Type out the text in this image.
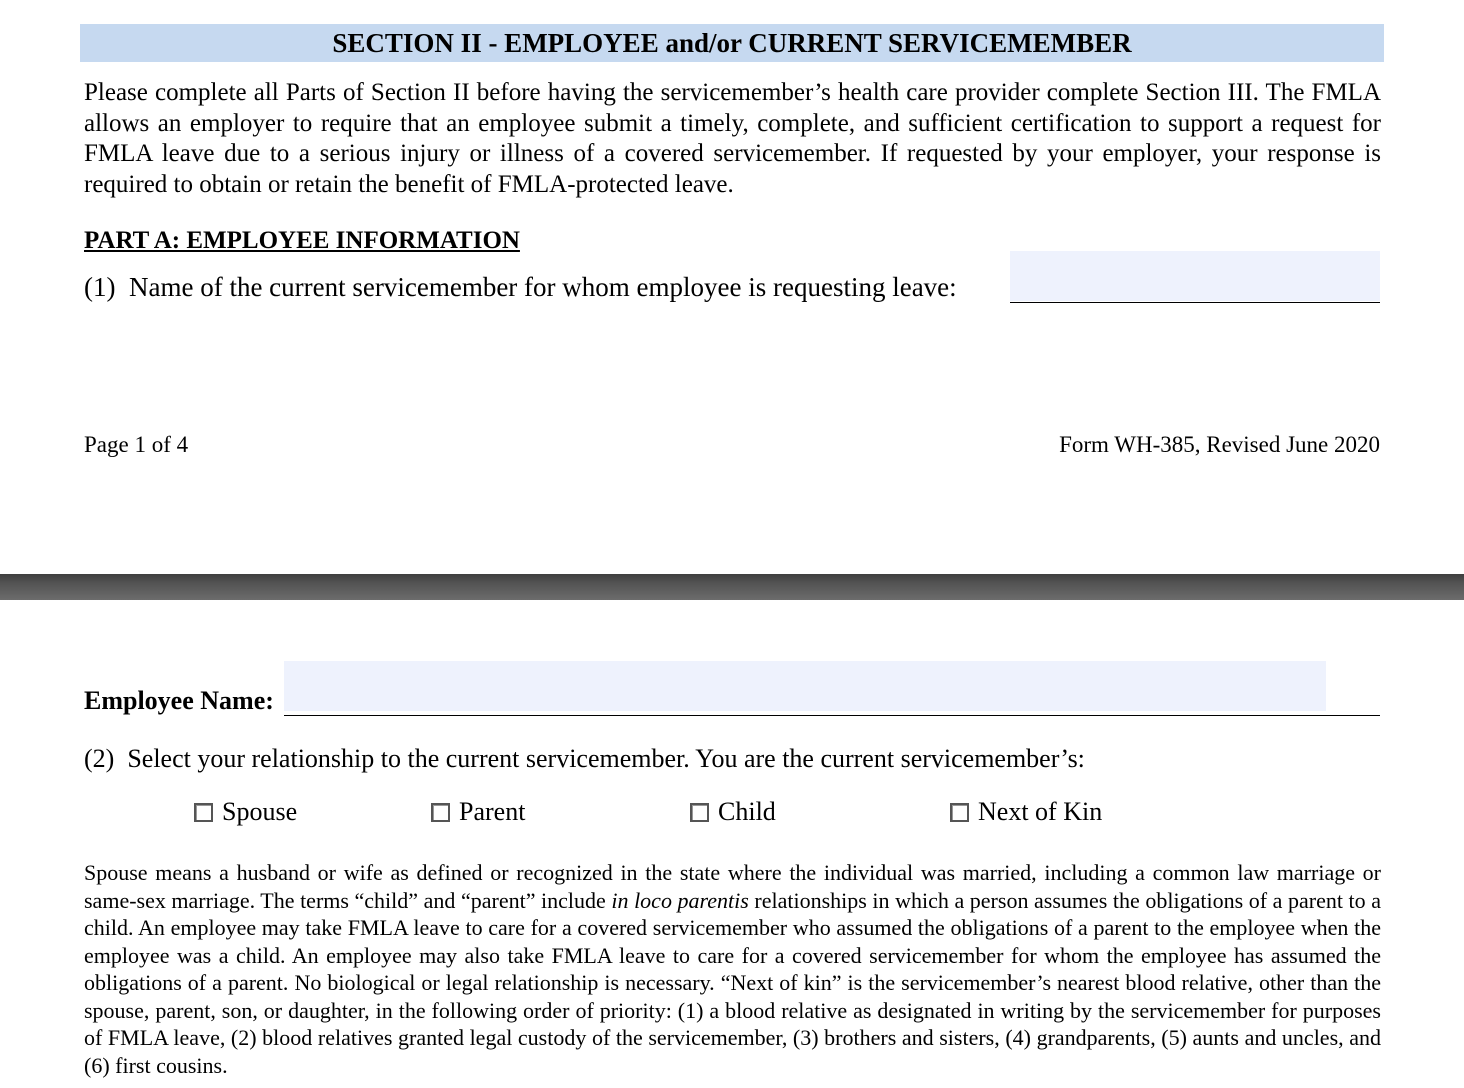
SECTION II - EMPLOYEE and/or CURRENT SERVICEMEMBER
Please complete all Parts of Section II before having the servicemember’s health care provider complete Section III. The FMLA allows an employer to require that an employee submit a timely, complete, and sufficient certification to support a request for FMLA leave due to a serious injury or illness of a covered servicemember. If requested by your employer, your response is required to obtain or retain the benefit of FMLA-protected leave.
PART A: EMPLOYEE INFORMATION
(1) Name of the current servicemember for whom employee is requesting leave:
Page 1 of 4	Form WH-385, Revised June 2020
Employee Name:
(2) Select your relationship to the current servicemember. You are the current servicemember’s:
Spouse	Parent	Child	Next of Kin
Spouse means a husband or wife as defined or recognized in the state where the individual was married, including a common law marriage or same-sex marriage. The terms “child” and “parent” include in loco parentis relationships in which a person assumes the obligations of a parent to a child. An employee may take FMLA leave to care for a covered servicemember who assumed the obligations of a parent to the employee when the employee was a child. An employee may also take FMLA leave to care for a covered servicemember for whom the employee has assumed the obligations of a parent. No biological or legal relationship is necessary. “Next of kin” is the servicemember’s nearest blood relative, other than the spouse, parent, son, or daughter, in the following order of priority: (1) a blood relative as designated in writing by the servicemember for purposes of FMLA leave, (2) blood relatives granted legal custody of the servicemember, (3) brothers and sisters, (4) grandparents, (5) aunts and uncles, and (6) first cousins.
